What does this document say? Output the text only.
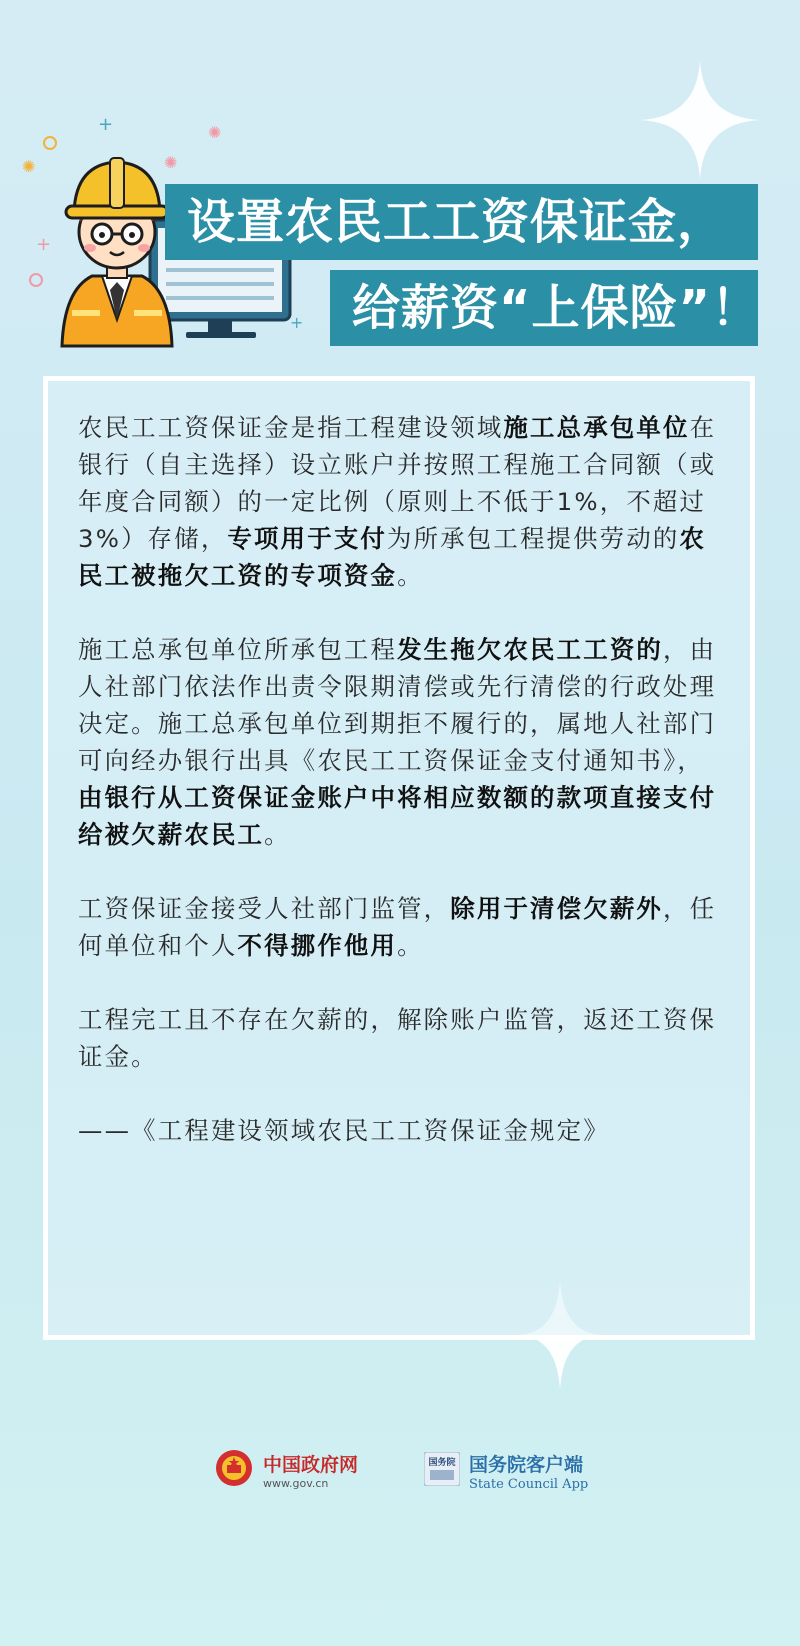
+	✺
✺	✺
+
+
设置农民工工资保证金，
给薪资“上保险”！

农民工工资保证金是指工程建设领域施工总承包单位在银行（自主选择）设立账户并按照工程施工合同额（或年度合同额）的一定比例（原则上不低于1%，不超过3%）存储，专项用于支付为所承包工程提供劳动的农民工被拖欠工资的专项资金。

施工总承包单位所承包工程发生拖欠农民工工资的，由人社部门依法作出责令限期清偿或先行清偿的行政处理决定。施工总承包单位到期拒不履行的，属地人社部门可向经办银行出具《农民工工资保证金支付通知书》，由银行从工资保证金账户中将相应数额的款项直接支付给被欠薪农民工。

工资保证金接受人社部门监管，除用于清偿欠薪外，任何单位和个人不得挪作他用。

工程完工且不存在欠薪的，解除账户监管，返还工资保证金。

——《工程建设领域农民工工资保证金规定》
中国政府网
www.gov.cn
国务院 国务院客户端
State Council App
